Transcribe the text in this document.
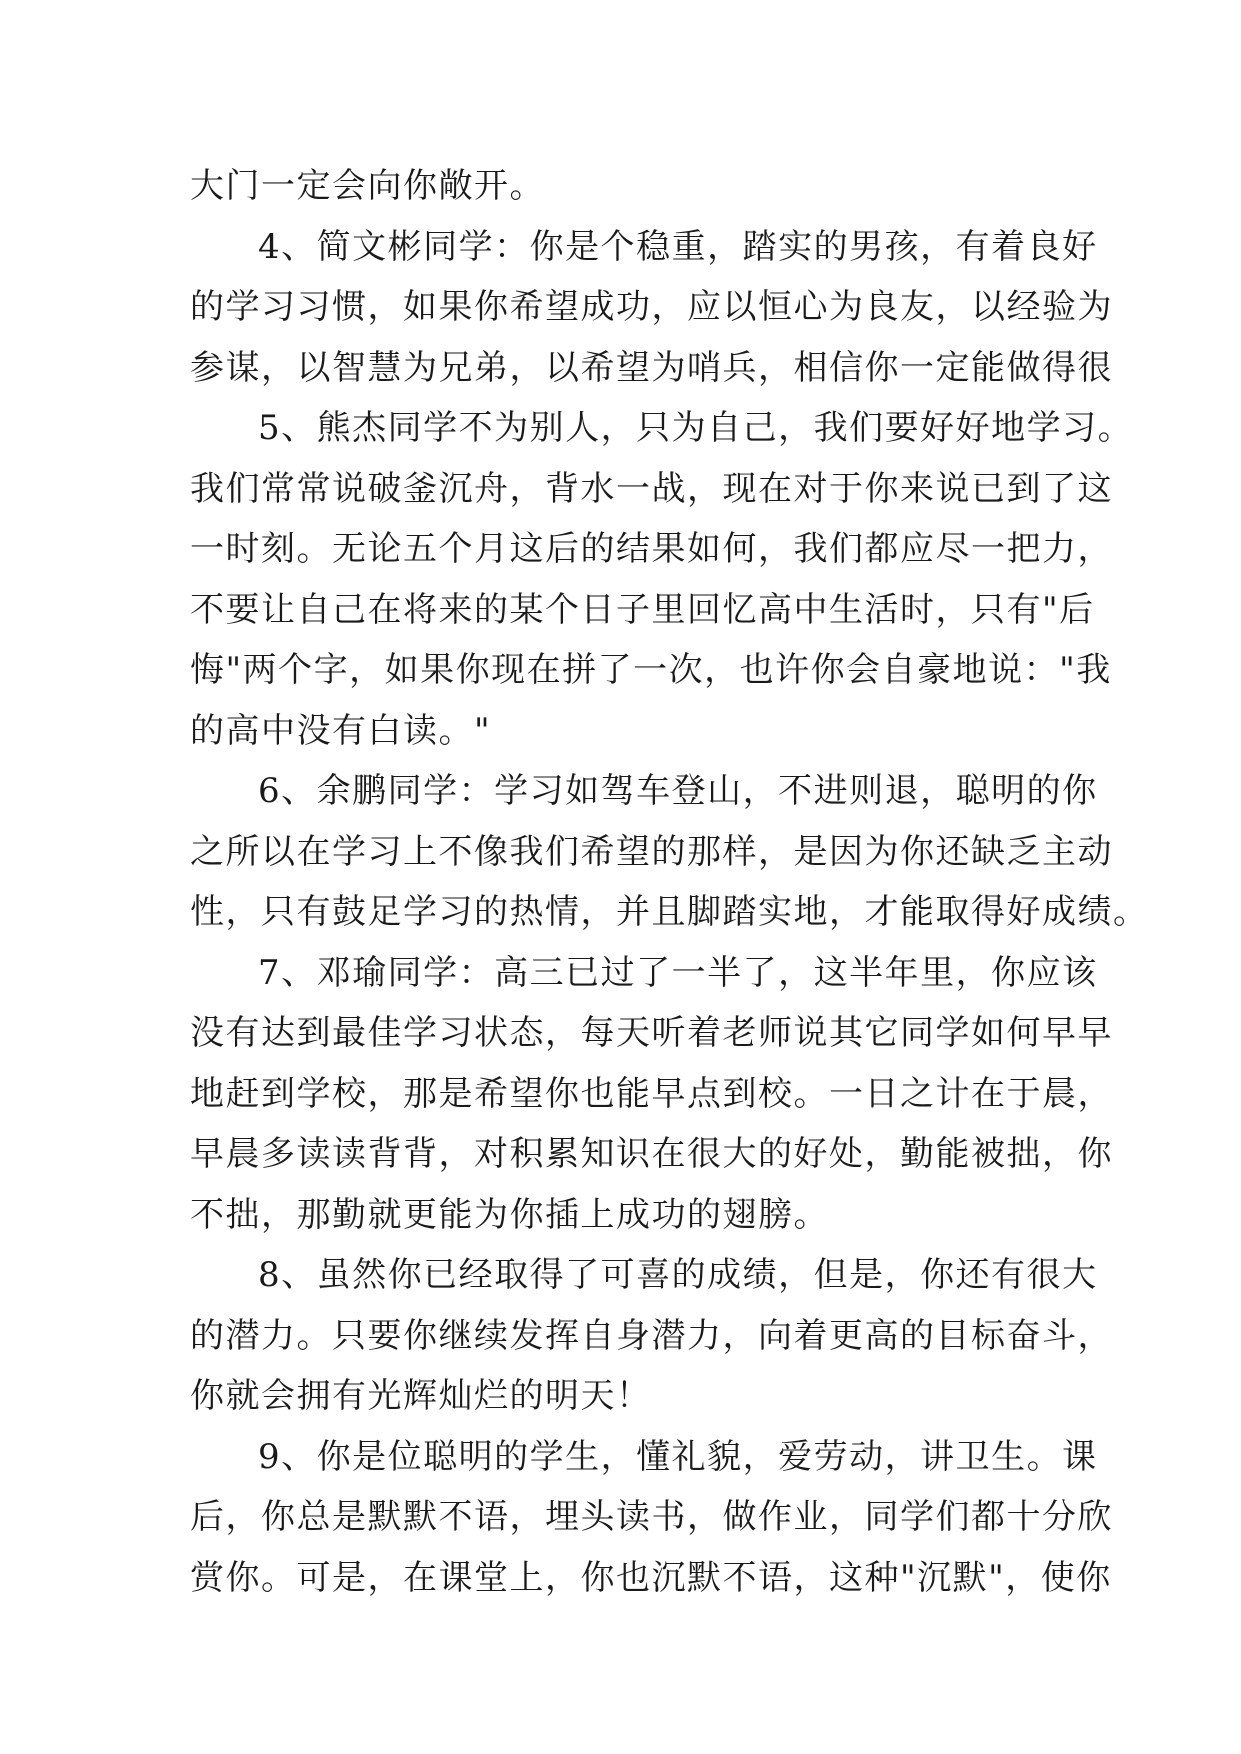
大门一定会向你敞开。
4、简文彬同学：你是个稳重，踏实的男孩，有着良好
的学习习惯，如果你希望成功，应以恒心为良友，以经验为
参谋，以智慧为兄弟，以希望为哨兵，相信你一定能做得很
5、熊杰同学不为别人，只为自己，我们要好好地学习。
我们常常说破釜沉舟，背水一战，现在对于你来说已到了这
一时刻。无论五个月这后的结果如何，我们都应尽一把力，
不要让自己在将来的某个日子里回忆高中生活时，只有"后
悔"两个字，如果你现在拼了一次，也许你会自豪地说："我
的高中没有白读。"
6、余鹏同学：学习如驾车登山，不进则退，聪明的你
之所以在学习上不像我们希望的那样，是因为你还缺乏主动
性，只有鼓足学习的热情，并且脚踏实地，才能取得好成绩。
7、邓瑜同学：高三已过了一半了，这半年里，你应该
没有达到最佳学习状态，每天听着老师说其它同学如何早早
地赶到学校，那是希望你也能早点到校。一日之计在于晨，
早晨多读读背背，对积累知识在很大的好处，勤能被拙，你
不拙，那勤就更能为你插上成功的翅膀。
8、虽然你已经取得了可喜的成绩，但是，你还有很大
的潜力。只要你继续发挥自身潜力，向着更高的目标奋斗，
你就会拥有光辉灿烂的明天！
9、你是位聪明的学生，懂礼貌，爱劳动，讲卫生。课
后，你总是默默不语，埋头读书，做作业，同学们都十分欣
赏你。可是，在课堂上，你也沉默不语，这种"沉默"，使你
